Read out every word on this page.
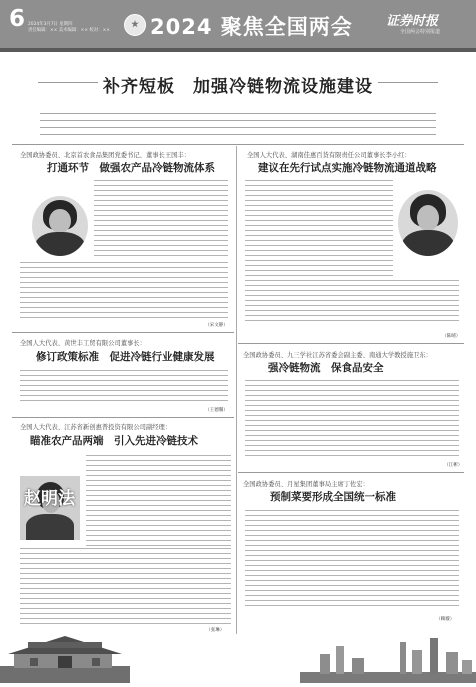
6 2024年3月7日 星期四
责任编辑：×× 美术编辑：×× 校对：×× 2024 聚焦全国两会	证券时报
全国两会特别报道
补齐短板　加强冷链物流设施建设
全国政协委员、北京首农食品集团党委书记、董事长王国丰：
打通环节　做强农产品冷链物流体系
（宋文静）
全国人大代表、湖南佳惠百货有限责任公司董事长李小红：
建议在先行试点实施冷链物流通道战略
（陈晴）
全国人大代表、黄世丰工贸有限公司董事长：
修订政策标准　促进冷链行业健康发展
（王德馨）
全国政协委员、九三学社江苏省委会副主委、南通大学教授施卫东：
强冷链物流　保食品安全
（江彬）
全国人大代表、江苏省新创惠普投资有限公司副经理：
瞄准农产品两端　引入先进冷链技术
赵明法
（张琳）
全国政协委员、月星集团董事局主席丁佐宏：
预制菜要形成全国统一标准
（赖璇）
